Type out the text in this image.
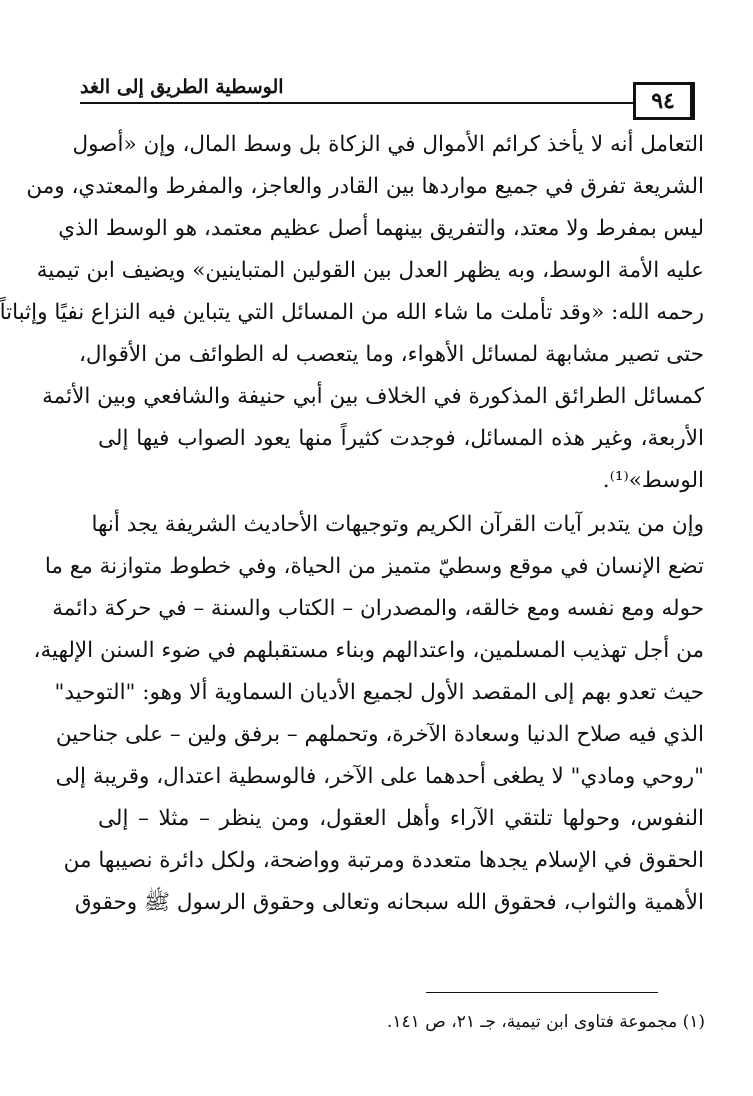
٩٤
الوسطية الطريق إلى الغد
التعامل أنه لا يأخذ كرائم الأموال في الزكاة بل وسط المال، وإن «أصول
الشريعة تفرق في جميع مواردها بين القادر والعاجز، والمفرط والمعتدي، ومن
ليس بمفرط ولا معتد، والتفريق بينهما أصل عظيم معتمد، هو الوسط الذي
عليه الأمة الوسط، وبه يظهر العدل بين القولين المتباينين» ويضيف ابن تيمية
رحمه الله: «وقد تأملت ما شاء الله من المسائل التي يتباين فيه النزاع نفيًا وإثباتاً
حتى تصير مشابهة لمسائل الأهواء، وما يتعصب له الطوائف من الأقوال،
كمسائل الطرائق المذكورة في الخلاف بين أبي حنيفة والشافعي وبين الأئمة
الأربعة، وغير هذه المسائل، فوجدت كثيراً منها يعود الصواب فيها إلى
الوسط»⁽¹⁾.
وإن من يتدبر آيات القرآن الكريم وتوجيهات الأحاديث الشريفة يجد أنها
تضع الإنسان في موقع وسطيّ متميز من الحياة، وفي خطوط متوازنة مع ما
حوله ومع نفسه ومع خالقه، والمصدران – الكتاب والسنة – في حركة دائمة
من أجل تهذيب المسلمين، واعتدالهم وبناء مستقبلهم في ضوء السنن الإلهية،
حيث تعدو بهم إلى المقصد الأول لجميع الأديان السماوية ألا وهو: "التوحيد"
الذي فيه صلاح الدنيا وسعادة الآخرة، وتحملهم – برفق ولين – على جناحين
"روحي ومادي" لا يطغى أحدهما على الآخر، فالوسطية اعتدال، وقريبة إلى
النفوس، وحولها تلتقي الآراء وأهل العقول، ومن ينظر – مثلا – إلى
الحقوق في الإسلام يجدها متعددة ومرتبة وواضحة، ولكل دائرة نصيبها من
الأهمية والثواب، فحقوق الله سبحانه وتعالى وحقوق الرسول ﷺ وحقوق
(١) مجموعة فتاوى ابن تيمية، جـ ٢١، ص ١٤١.
